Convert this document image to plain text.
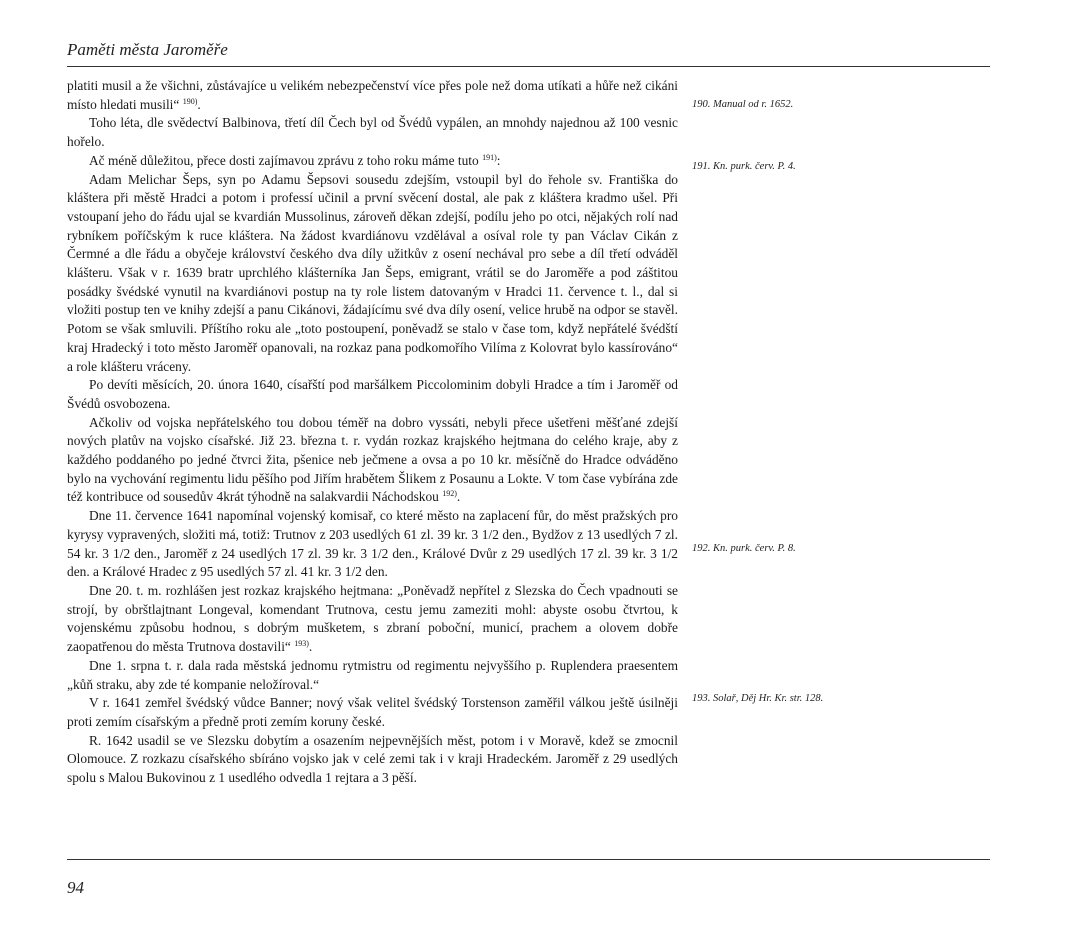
Paměti města Jaroměře

platiti musil a že všichni, zůstávajíce u velikém nebezpečenství více přes pole než doma utíkati a hůře než cikáni místo hledati musili“ $^{190)}$.

Toho léta, dle svědectví Balbinova, třetí díl Čech byl od Švédů vypálen, an mnohdy najednou až 100 vesnic hořelo.

Ač méně důležitou, přece dosti zajímavou zprávu z toho roku máme tuto $^{191)}$:

Adam Melichar Šeps, syn po Adamu Šepsovi sousedu zdejším, vstoupil byl do řehole sv. Františka do kláštera při městě Hradci a potom i professí učinil a první svěcení dostal, ale pak z kláštera kradmo ušel. Při vstoupaní jeho do řádu ujal se kvardián Mussolinus, zároveň děkan zdejší, podílu jeho po otci, nějakých rolí nad rybníkem poříčským k ruce kláštera. Na žádost kvardiánovu vzdělával a osíval role ty pan Václav Cikán z Čermné a dle řádu a obyčeje království českého dva díly užitkův z osení nechával pro sebe a díl třetí odváděl klášteru. Však v r. 1639 bratr uprchlého klášterníka Jan Šeps, emigrant, vrátil se do Jaroměře a pod záštitou posádky švédské vynutil na kvardiánovi postup na ty role listem datovaným v Hradci 11. července t. l., dal si vložiti postup ten ve knihy zdejší a panu Cikánovi, žádajícímu své dva díly osení, velice hrubě na odpor se stavěl. Potom se však smluvili. Příštího roku ale „toto postoupení, poněvadž se stalo v čase tom, když nepřátelé švédští kraj Hradecký i toto město Jaroměř opanovali, na rozkaz pana podkomořího Vilíma z Kolovrat bylo kassírováno“ a role klášteru vráceny.

Po devíti měsících, 20. února 1640, císařští pod maršálkem Piccolominim dobyli Hradce a tím i Jaroměř od Švédů osvobozena.

Ačkoliv od vojska nepřátelského tou dobou téměř na dobro vyssáti, nebyli přece ušetřeni měšťané zdejší nových platův na vojsko císařské. Již 23. března t. r. vydán rozkaz krajského hejtmana do celého kraje, aby z každého poddaného po jedné čtvrci žita, pšenice neb ječmene a ovsa a po 10 kr. měsíčně do Hradce odváděno bylo na vychování regimentu lidu pěšího pod Jiřím hrabětem Šlikem z Posaunu a Lokte. V tom čase vybírána zde též kontribuce od sousedův 4krát týhodně na salakvardii Náchodskou $^{192)}$.

Dne 11. července 1641 napomínal vojenský komisař, co které město na zaplacení fůr, do měst pražských pro kyrysy vypravených, složiti má, totiž: Trutnov z 203 usedlých 61 zl. 39 kr. 3 1/2 den., Bydžov z 13 usedlých 7 zl. 54 kr. 3 1/2 den., Jaroměř z 24 usedlých 17 zl. 39 kr. 3 1/2 den., Králové Dvůr z 29 usedlých 17 zl. 39 kr. 3 1/2 den. a Králové Hradec z 95 usedlých 57 zl. 41 kr. 3 1/2 den.

Dne 20. t. m. rozhlášen jest rozkaz krajského hejtmana: „Poněvadž nepřítel z Slezska do Čech vpadnouti se strojí, by obrštlajtnant Longeval, komendant Trutnova, cestu jemu zameziti mohl: abyste osobu čtvrtou, k vojenskému způsobu hodnou, s dobrým mušketem, s zbraní poboční, municí, prachem a olovem dobře zaopatřenou do města Trutnova dostavili“ $^{193)}$.

Dne 1. srpna t. r. dala rada městská jednomu rytmistru od regimentu nejvyššího p. Ruplendera praesentem „kůň straku, aby zde té kompanie neložíroval.“

V r. 1641 zemřel švédský vůdce Banner; nový však velitel švédský Torstenson zaměřil válkou ještě úsilněji proti zemím císařským a předně proti zemím koruny české.

R. 1642 usadil se ve Slezsku dobytím a osazením nejpevnějších měst, potom i v Moravě, kdež se zmocnil Olomouce. Z rozkazu císařského sbíráno vojsko jak v celé zemi tak i v kraji Hradeckém. Jaroměř z 29 usedlých spolu s Malou Bukovinou z 1 usedlého odvedla 1 rejtara a 3 pěší.

190. Manual od r. 1652.
191. Kn. purk. červ. P. 4.
192. Kn. purk. červ. P. 8.
193. Solař, Děj Hr. Kr. str. 128.
94
